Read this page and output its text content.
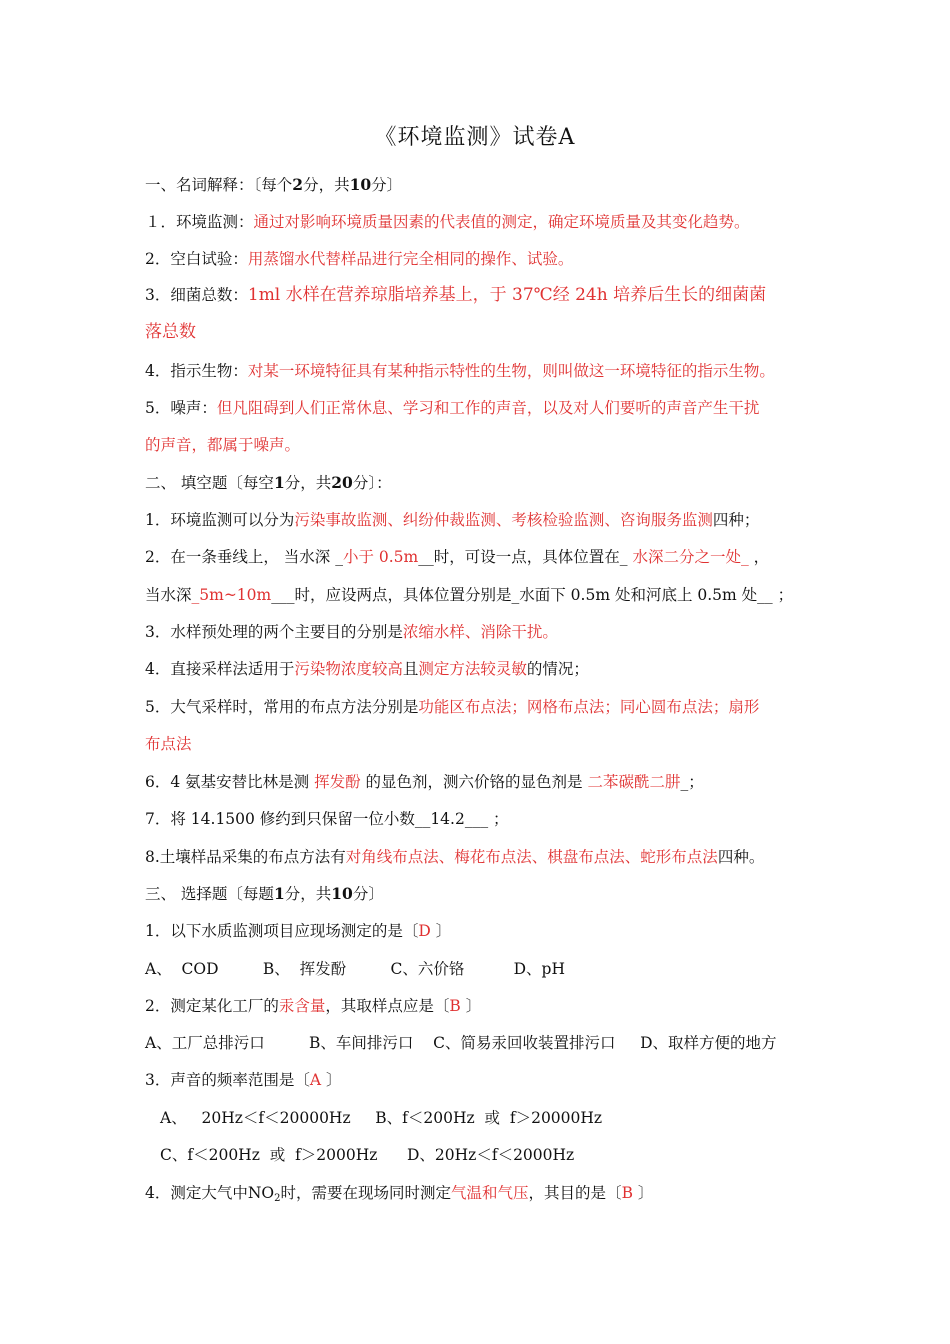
《环境监测》试卷A
一、名词解释：〔每个2分，共10分〕
１．环境监测：通过对影响环境质量因素的代表值的测定，确定环境质量及其变化趋势。
2．空白试验：用蒸馏水代替样品进行完全相同的操作、试验。
3．细菌总数：1ml 水样在营养琼脂培养基上，于 37℃经 24h 培养后生长的细菌菌
落总数
4．指示生物：对某一环境特征具有某种指示特性的生物，则叫做这一环境特征的指示生物。
5．噪声：但凡阻碍到人们正常休息、学习和工作的声音，以及对人们要听的声音产生干扰
的声音，都属于噪声。
二、 填空题〔每空1分，共20分〕：
1．环境监测可以分为污染事故监测、纠纷仲裁监测、考核检验监测、咨询服务监测四种；
2．在一条垂线上， 当水深 _小于 0.5m__时，可设一点，具体位置在_ 水深二分之一处_ ，
当水深_5m~10m___时，应设两点，具体位置分别是_水面下 0.5m 处和河底上 0.5m 处__ ；
3．水样预处理的两个主要目的分别是浓缩水样、消除干扰。
4．直接采样法适用于污染物浓度较高且测定方法较灵敏的情况；
5．大气采样时，常用的布点方法分别是功能区布点法；网格布点法；同心圆布点法；扇形
布点法
6．4 氨基安替比林是测 挥发酚 的显色剂，测六价铬的显色剂是 二苯碳酰二肼_；
7．将 14.1500 修约到只保留一位小数__14.2___ ；
8.土壤样品采集的布点方法有对角线布点法、梅花布点法、棋盘布点法、蛇形布点法四种。
三、 选择题〔每题1分，共10分〕
1．以下水质监测项目应现场测定的是〔D 〕
A、  COD         B、  挥发酚         C、六价铬          D、pH
2．测定某化工厂的汞含量，其取样点应是〔B 〕
A、工厂总排污口         B、车间排污口    C、简易汞回收装置排污口     D、取样方便的地方
3．声音的频率范围是〔A 〕
A、   20Hz＜f＜20000Hz     B、f＜200Hz  或  f＞20000Hz
C、f＜200Hz  或  f＞2000Hz      D、20Hz＜f＜2000Hz
4．测定大气中$NO_2$时，需要在现场同时测定气温和气压，其目的是〔B 〕
